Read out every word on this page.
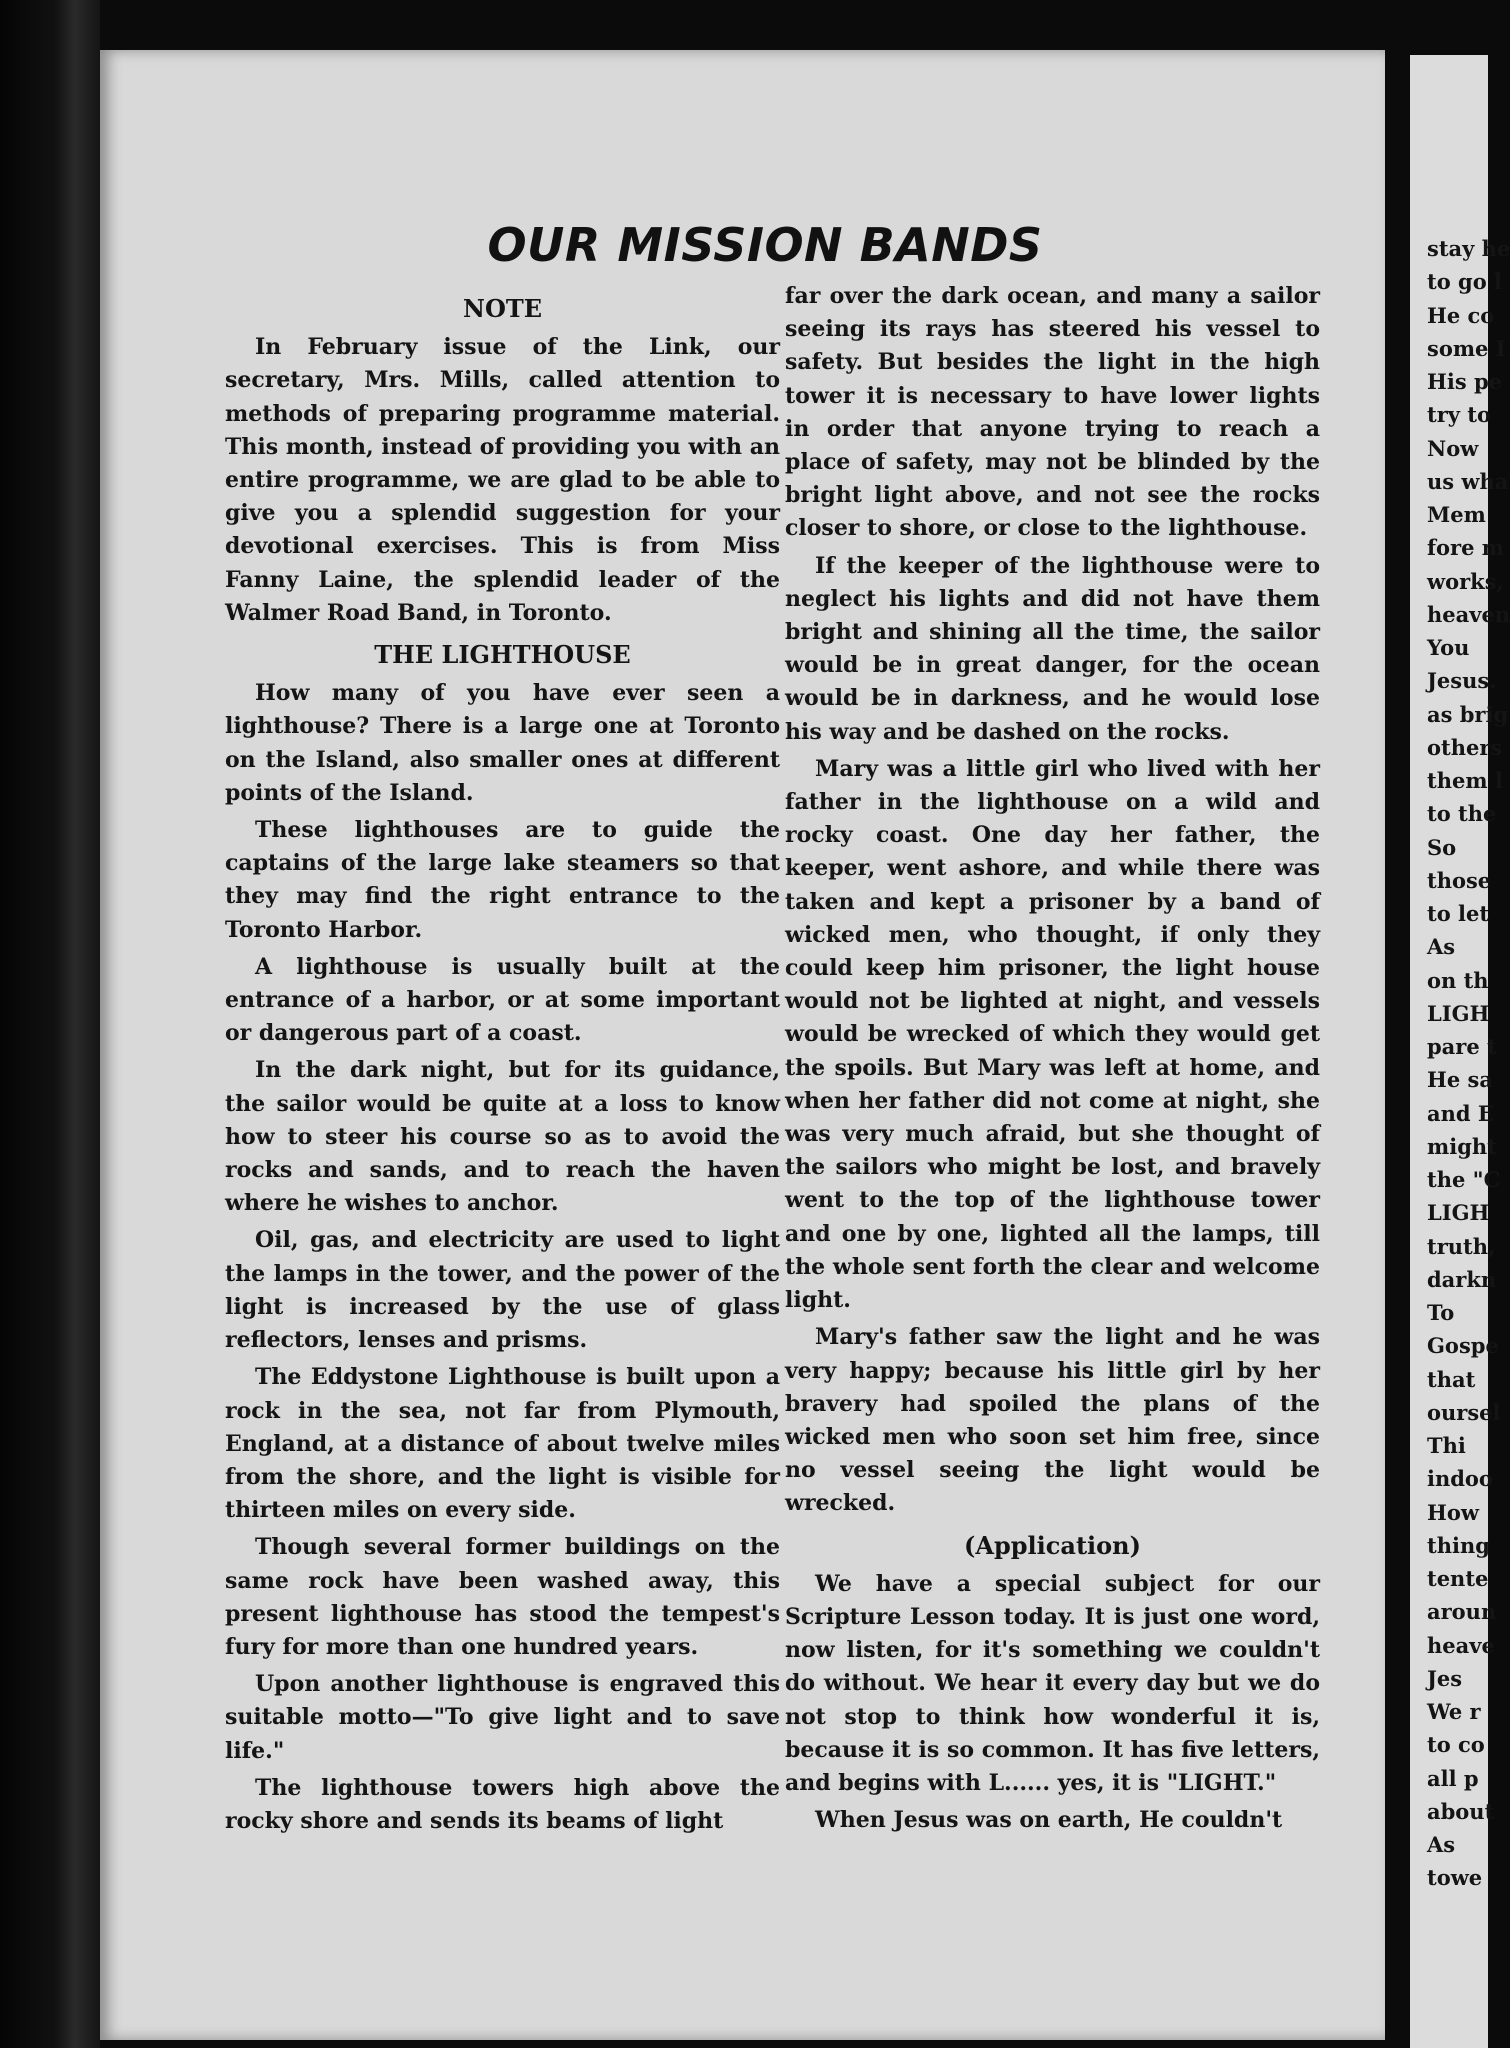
OUR MISSION BANDS

NOTE

In February issue of the Link, our secretary, Mrs. Mills, called attention to methods of preparing programme material. This month, instead of providing you with an entire programme, we are glad to be able to give you a splendid suggestion for your devotional exercises. This is from Miss Fanny Laine, the splendid leader of the Walmer Road Band, in Toronto.

THE LIGHTHOUSE

How many of you have ever seen a lighthouse? There is a large one at Toronto on the Island, also smaller ones at different points of the Island.

These lighthouses are to guide the captains of the large lake steamers so that they may find the right entrance to the Toronto Harbor.

A lighthouse is usually built at the entrance of a harbor, or at some important or dangerous part of a coast.

In the dark night, but for its guidance, the sailor would be quite at a loss to know how to steer his course so as to avoid the rocks and sands, and to reach the haven where he wishes to anchor.

Oil, gas, and electricity are used to light the lamps in the tower, and the power of the light is increased by the use of glass reflectors, lenses and prisms.

The Eddystone Lighthouse is built upon a rock in the sea, not far from Plymouth, England, at a distance of about twelve miles from the shore, and the light is visible for thirteen miles on every side.

Though several former buildings on the same rock have been washed away, this present lighthouse has stood the tempest's fury for more than one hundred years.

Upon another lighthouse is engraved this suitable motto—"To give light and to save life."

The lighthouse towers high above the rocky shore and sends its beams of light

far over the dark ocean, and many a sailor seeing its rays has steered his vessel to safety. But besides the light in the high tower it is necessary to have lower lights in order that anyone trying to reach a place of safety, may not be blinded by the bright light above, and not see the rocks closer to shore, or close to the lighthouse.

If the keeper of the lighthouse were to neglect his lights and did not have them bright and shining all the time, the sailor would be in great danger, for the ocean would be in darkness, and he would lose his way and be dashed on the rocks.

Mary was a little girl who lived with her father in the lighthouse on a wild and rocky coast. One day her father, the keeper, went ashore, and while there was taken and kept a prisoner by a band of wicked men, who thought, if only they could keep him prisoner, the light house would not be lighted at night, and vessels would be wrecked of which they would get the spoils. But Mary was left at home, and when her father did not come at night, she was very much afraid, but she thought of the sailors who might be lost, and bravely went to the top of the lighthouse tower and one by one, lighted all the lamps, till the whole sent forth the clear and welcome light.

Mary's father saw the light and he was very happy; because his little girl by her bravery had spoiled the plans of the wicked men who soon set him free, since no vessel seeing the light would be wrecked.

(Application)

We have a special subject for our Scripture Lesson today. It is just one word, now listen, for it's something we couldn't do without. We hear it every day but we do not stop to think how wonderful it is, because it is so common. It has five letters, and begins with L...... yes, it is "LIGHT."

When Jesus was on earth, He couldn't

stay he
to go l
He co
some I
His pe
try to
Now
us wha
Mem
fore m
works,
heaven
You
Jesus.
as brig
others
them l
to the
So
those
to let
As
on th
LIGH
pare t
He sa
and E
might
the "C
LIGH
truth,
darkn
To
Gospe
that
oursel
Thi
indoo
How
thing
tente
aroun
heave
Jes
We r
to co
all p
about
As
towe
